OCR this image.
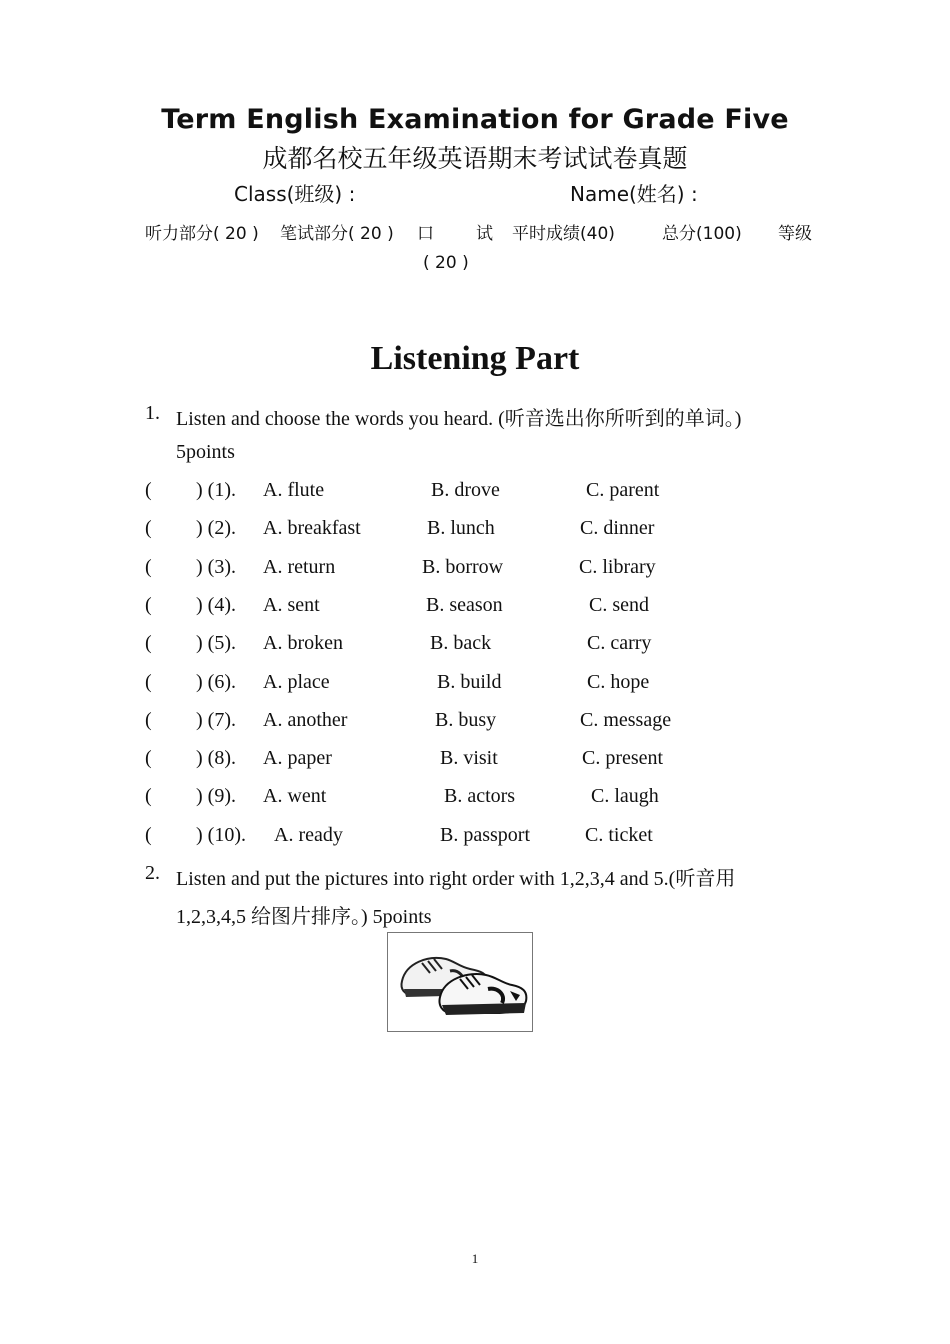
Term English Examination for Grade Five
成都名校五年级英语期末考试试卷真题
Class(班级) :	Name(姓名) :
听力部分( 20 ) 笔试部分( 20 ) 口 试 平时成绩(40)	总分(100) 等级
( 20 )
Listening Part
1. Listen and choose the words you heard. (听音选出你所听到的单词。)
5points
( ) (1). A. flute	B. drove	C. parent
( ) (2). A. breakfast	B. lunch	C. dinner
( ) (3). A. return	B. borrow	C. library
( ) (4). A. sent	B. season	C. send
( ) (5). A. broken	B. back	C. carry
( ) (6). A. place	B. build	C. hope
( ) (7). A. another	B. busy	C. message
( ) (8). A. paper	B. visit	C. present
( ) (9). A. went	B. actors	C. laugh
( ) (10). A. ready	B. passport	C. ticket
2. Listen and put the pictures into right order with 1,2,3,4 and 5.(听音用
1,2,3,4,5 给图片排序。) 5points
1
